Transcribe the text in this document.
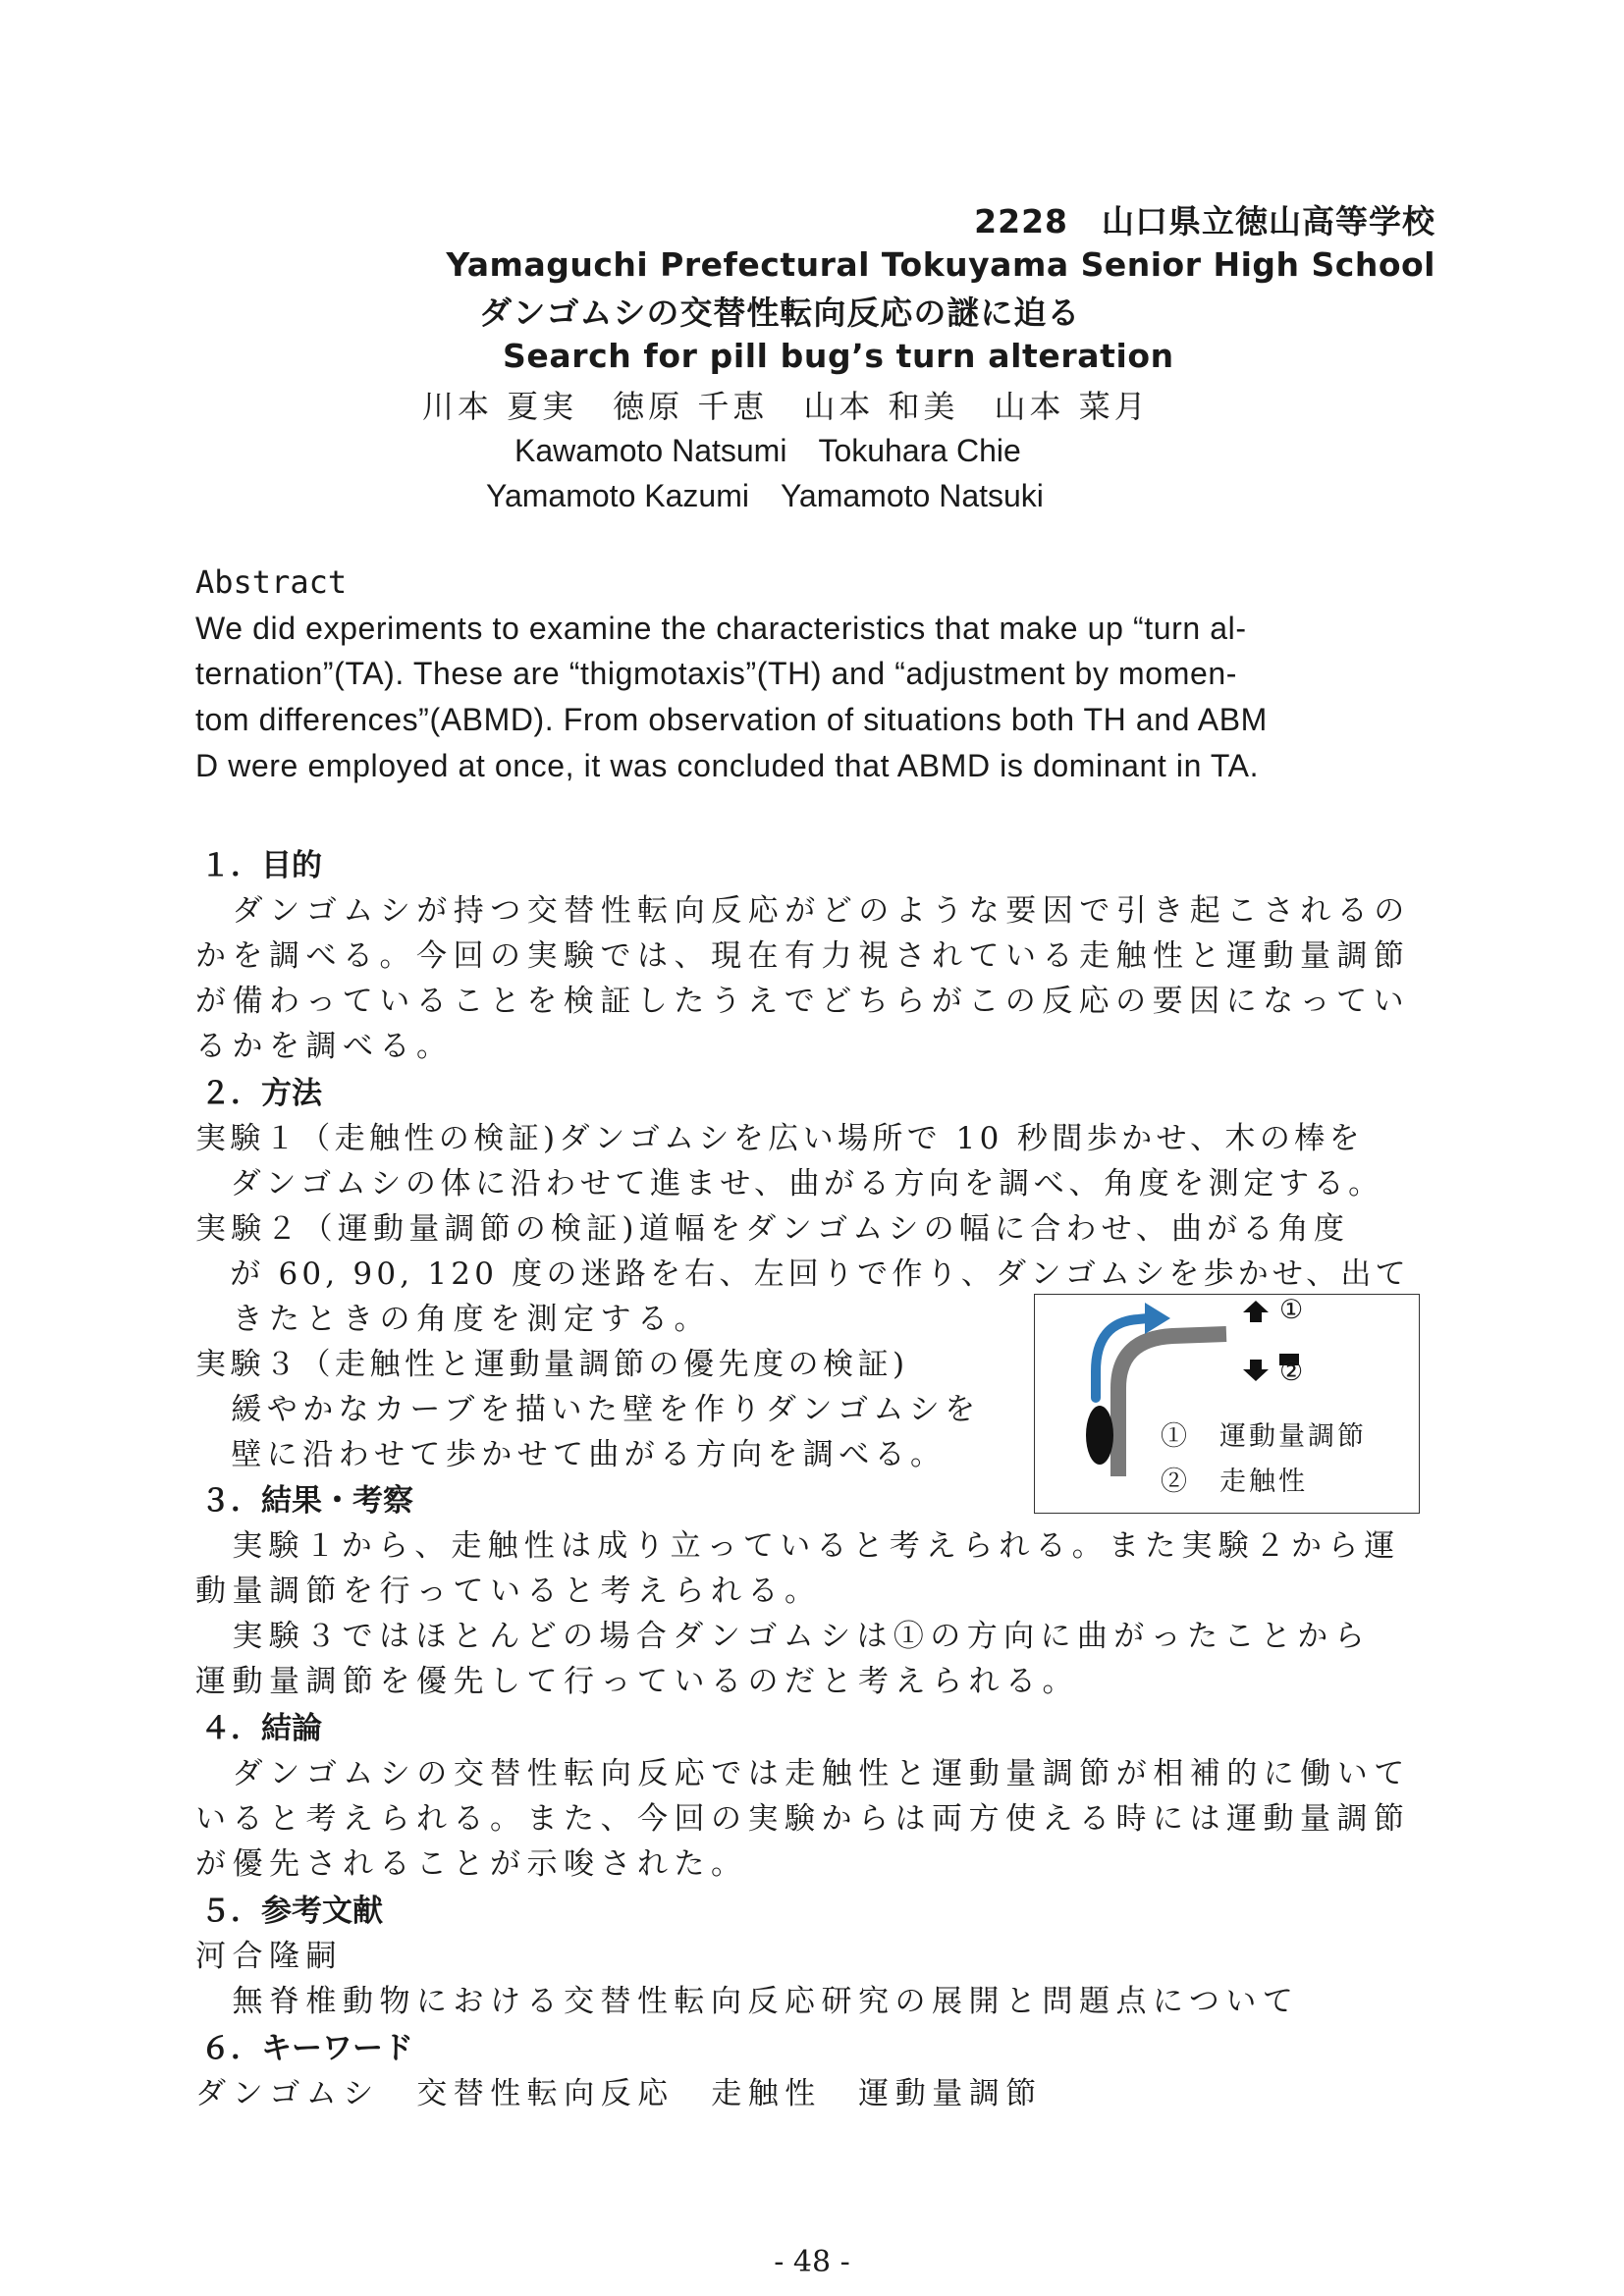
2228　 山口県立徳山高等学校
Yamaguchi Prefectural Tokuyama Senior High School
ダンゴムシの交替性転向反応の謎に迫る
Search for pill bug’s turn alteration
川本 夏実　徳原 千恵　山本 和美　山本 菜月
Kawamoto Natsumi　Tokuhara Chie
Yamamoto Kazumi　Yamamoto Natsuki
Abstract
We did experiments to examine the characteristics that make up “turn al-
ternation”(TA). These are “thigmotaxis”(TH) and “adjustment by momen-
tom differences”(ABMD). From observation of situations both TH and ABM
D were employed at once, it was concluded that ABMD is dominant in TA.
１．目的
　ダンゴムシが持つ交替性転向反応がどのような要因で引き起こされるの
かを調べる。今回の実験では、現在有力視されている走触性と運動量調節
が備わっていることを検証したうえでどちらがこの反応の要因になってい
るかを調べる。
２．方法
実験１（走触性の検証)ダンゴムシを広い場所で 10 秒間歩かせ、木の棒を
　ダンゴムシの体に沿わせて進ませ、曲がる方向を調べ、角度を測定する。
実験２（運動量調節の検証)道幅をダンゴムシの幅に合わせ、曲がる角度
　が 60, 90, 120 度の迷路を右、左回りで作り、ダンゴムシを歩かせ、出て
　きたときの角度を測定する。
実験３（走触性と運動量調節の優先度の検証)
　緩やかなカーブを描いた壁を作りダンゴムシを
　壁に沿わせて歩かせて曲がる方向を調べる。
①
②
①　運動量調節
②　走触性
３．結果・考察
　実験１から、走触性は成り立っていると考えられる。また実験２から運
動量調節を行っていると考えられる。
　実験３ではほとんどの場合ダンゴムシは①の方向に曲がったことから
運動量調節を優先して行っているのだと考えられる。
４．結論
　ダンゴムシの交替性転向反応では走触性と運動量調節が相補的に働いて
いると考えられる。また、今回の実験からは両方使える時には運動量調節
が優先されることが示唆された。
５．参考文献
河合隆嗣
　無脊椎動物における交替性転向反応研究の展開と問題点について
６．キーワード
ダンゴムシ　交替性転向反応　走触性　運動量調節
- 48 -
